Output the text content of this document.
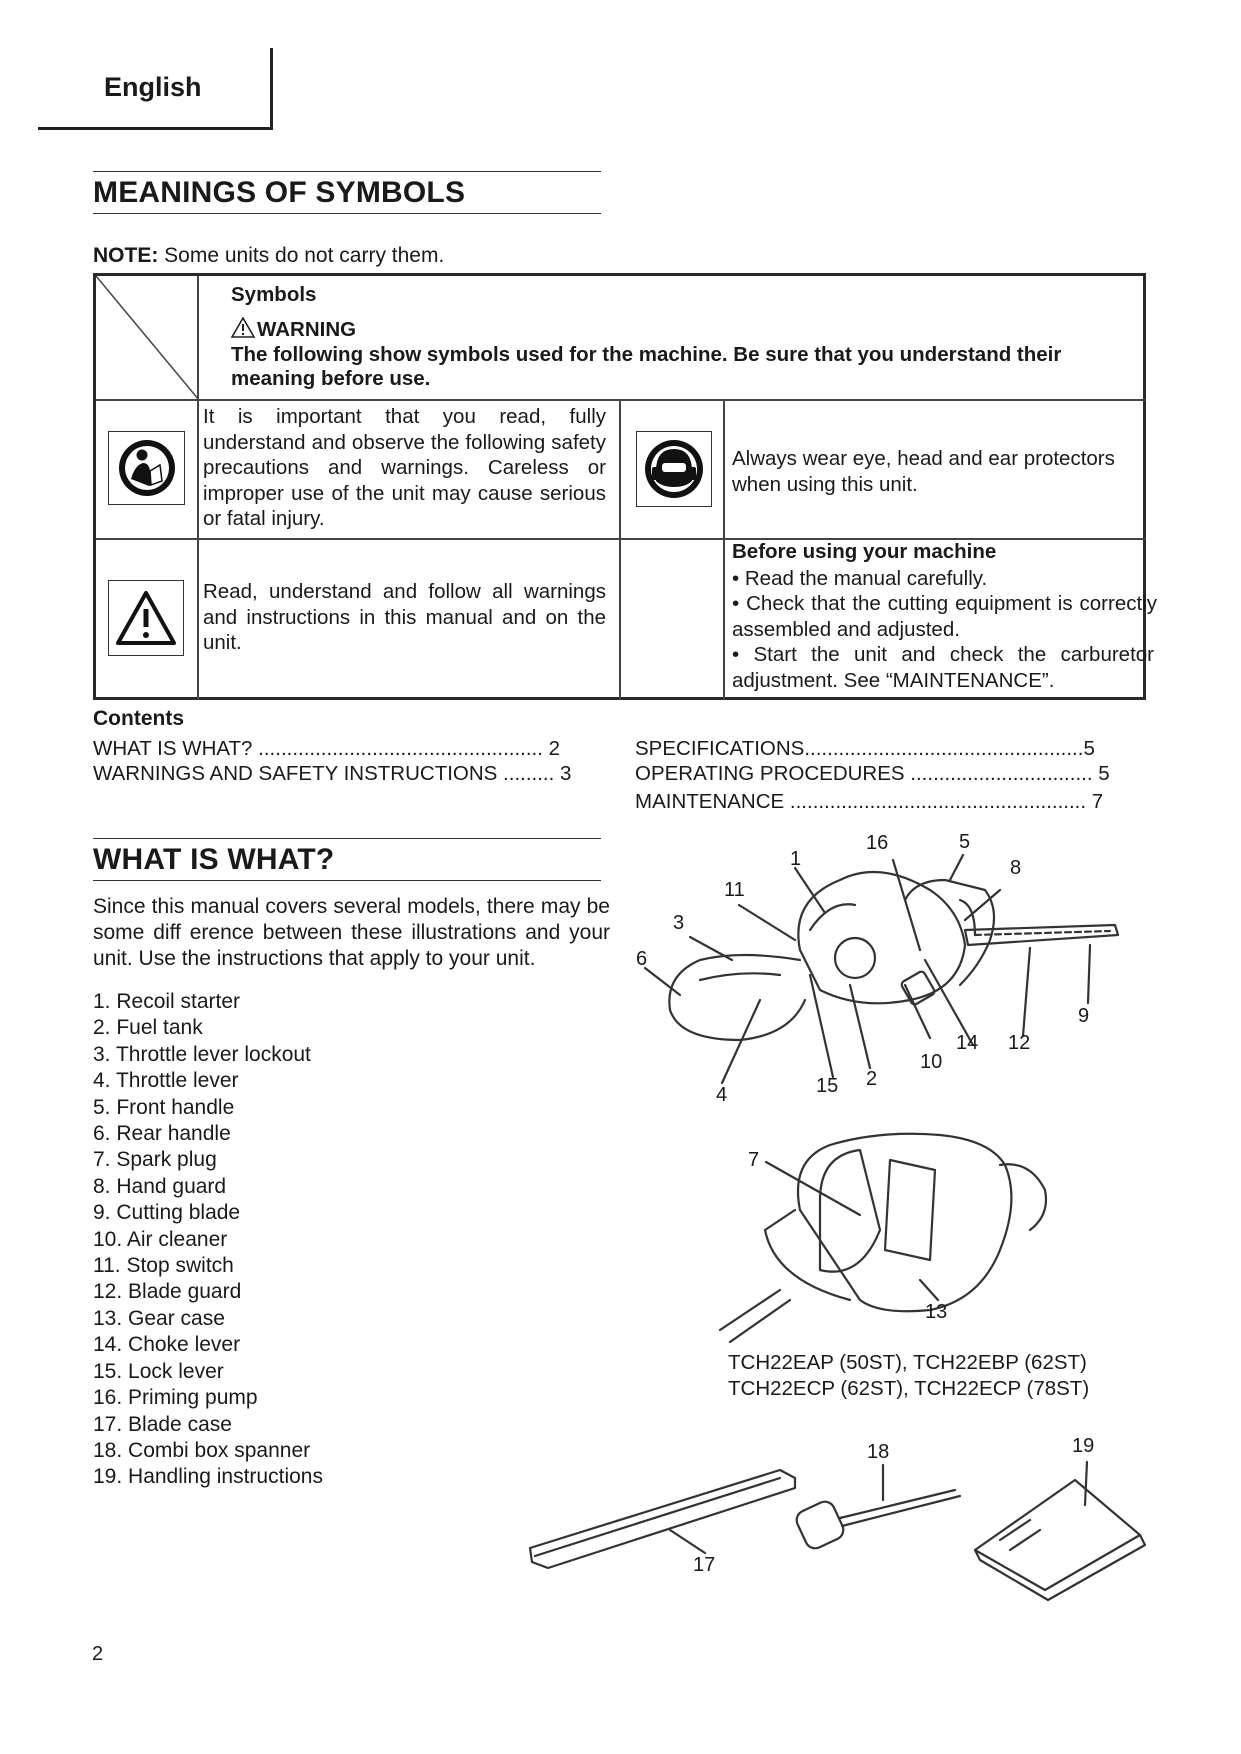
English
MEANINGS OF SYMBOLS
NOTE: Some units do not carry them.
Symbols
WARNING
The following show symbols used for the machine. Be sure that you understand their meaning before use.
It is important that you read, fully understand and observe the following safety precautions and warnings. Careless or improper use of the unit may cause serious or fatal injury.
Always wear eye, head and ear protectors when using this unit.
Read, understand and follow all warnings and instructions in this manual and on the unit.
Before using your machine
• Read the manual carefully.
• Check that the cutting equipment is correctly assembled and adjusted.
• Start the unit and check the carburetor adjustment. See “MAINTENANCE”.
Contents
WHAT IS WHAT? .................................................. 2
WARNINGS AND SAFETY INSTRUCTIONS ......... 3
SPECIFICATIONS.................................................5
OPERATING PROCEDURES ................................ 5
MAINTENANCE .................................................... 7
WHAT IS WHAT?
Since this manual covers several models, there may be some diff erence between these illustrations and your unit. Use the instructions that apply to your unit.
1. Recoil starter
2. Fuel tank
3. Throttle lever lockout
4. Throttle lever
5. Front handle
6. Rear handle
7. Spark plug
8. Hand guard
9. Cutting blade
10. Air cleaner
11. Stop switch
12. Blade guard
13. Gear case
14. Choke lever
15. Lock lever
16. Priming pump
17. Blade case
18. Combi box spanner
19. Handling instructions
1
2
3
4
5
6
7
8
9
10
11
12
13
14
15
16
17
18	19
TCH22EAP (50ST), TCH22EBP (62ST)
TCH22ECP (62ST), TCH22ECP (78ST)
2
